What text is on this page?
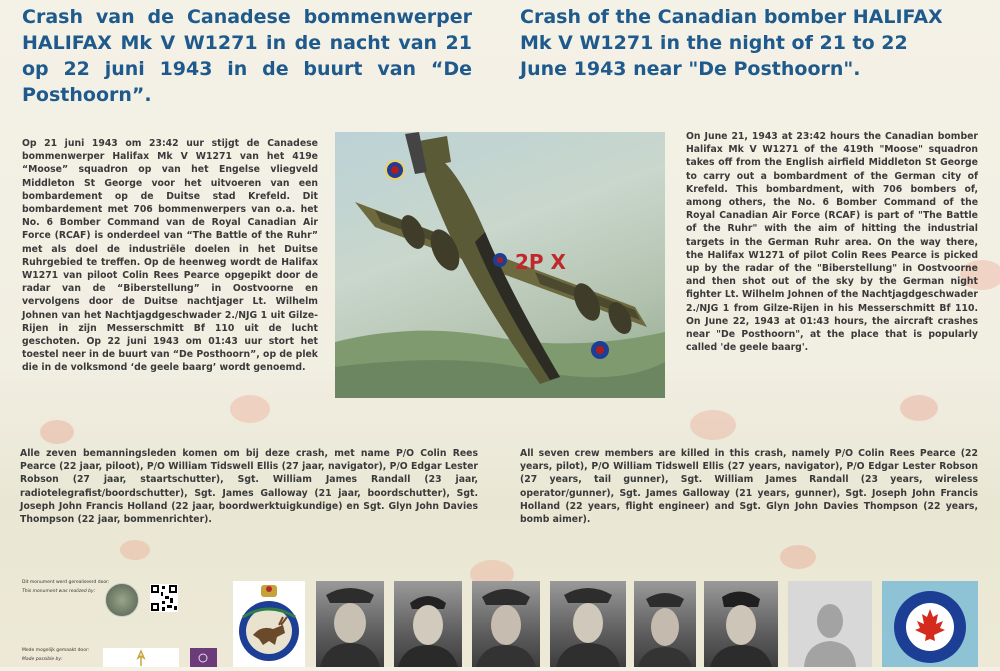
Crash van de Canadese bommenwerper HALIFAX Mk V W1271 in de nacht van 21 op 22 juni 1943 in de buurt van “De Posthoorn”.
Crash of the Canadian bomber HALIFAX Mk V W1271 in the night of 21 to 22 June 1943 near "De Posthoorn".

Op 21 juni 1943 om 23:42 uur stijgt de Canadese bommenwerper Halifax Mk V W1271 van het 419e “Moose” squadron op van het Engelse vliegveld Middleton St George voor het uitvoeren van een bombardement op de Duitse stad Krefeld. Dit bombardement met 706 bommenwerpers van o.a. het No. 6 Bomber Command van de Royal Canadian Air Force (RCAF) is onderdeel van “The Battle of the Ruhr” met als doel de industriële doelen in het Duitse Ruhrgebied te treffen. Op de heenweg wordt de Halifax W1271 van piloot Colin Rees Pearce opgepikt door de radar van de “Biberstellung” in Oostvoorne en vervolgens door de Duitse nachtjager Lt. Wilhelm Johnen van het Nachtjagdgeschwader 2./NJG 1 uit Gilze-Rijen in zijn Messerschmitt Bf 110 uit de lucht geschoten. Op 22 juni 1943 om 01:43 uur stort het toestel neer in de buurt van “De Posthoorn”, op de plek die in de volksmond ‘de geele baarg’ wordt genoemd.

On June 21, 1943 at 23:42 hours the Canadian bomber Halifax Mk V W1271 of the 419th "Moose" squadron takes off from the English airfield Middleton St George to carry out a bombardment of the German city of Krefeld. This bombardment, with 706 bombers of, among others, the No. 6 Bomber Command of the Royal Canadian Air Force (RCAF) is part of "The Battle of the Ruhr" with the aim of hitting the industrial targets in the German Ruhr area. On the way there, the Halifax W1271 of pilot Colin Rees Pearce is picked up by the radar of the "Biberstellung" in Oostvoorne and then shot out of the sky by the German night fighter Lt. Wilhelm Johnen of the Nachtjagdgeschwader 2./NJG 1 from Gilze-Rijen in his Messerschmitt Bf 110. On June 22, 1943 at 01:43 hours, the aircraft crashes near "De Posthoorn", at the place that is popularly called 'de geele baarg'.

2P X

Alle zeven bemanningsleden komen om bij deze crash, met name P/O Colin Rees Pearce (22 jaar, piloot), P/O William Tidswell Ellis (27 jaar, navigator), P/O Edgar Lester Robson (27 jaar, staartschutter), Sgt. William James Randall (23 jaar, radiotelegrafist/boordschutter), Sgt. James Galloway (21 jaar, boordschutter), Sgt. Joseph John Francis Holland (22 jaar, boordwerktuigkundige) en Sgt. Glyn John Davies Thompson (22 jaar, bommenrichter).

All seven crew members are killed in this crash, namely P/O Colin Rees Pearce (22 years, pilot), P/O William Tidswell Ellis (27 years, navigator), P/O Edgar Lester Robson (27 years, tail gunner), Sgt. William James Randall (23 years, wireless operator/gunner), Sgt. James Galloway (21 years, gunner), Sgt. Joseph John Francis Holland (22 years, flight engineer) and Sgt. Glyn John Davies Thompson (22 years, bomb aimer).

Dit monument werd gerealiseerd door:
This monument was realized by:
Mede mogelijk gemaakt door:
Made possible by:
